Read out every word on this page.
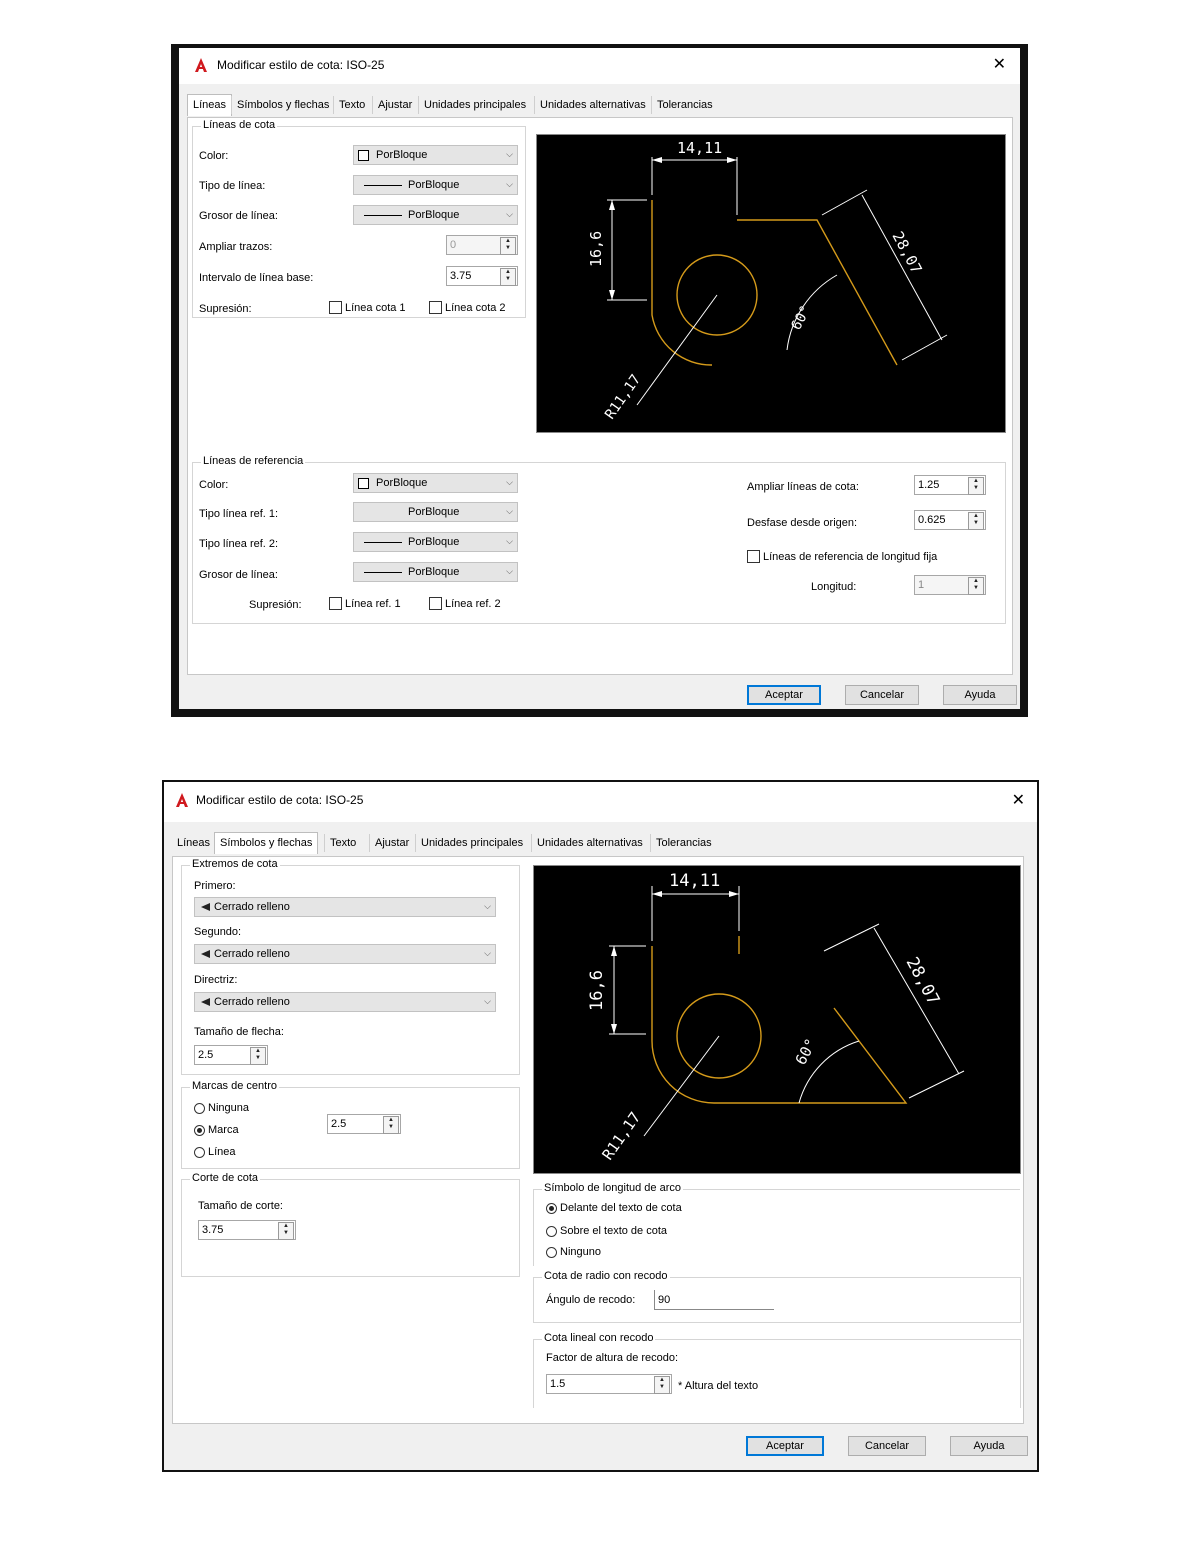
Modificar estilo de cota: ISO-25	✕
Líneas Símbolos y flechas Texto	Ajustar	Unidades principales	Unidades alternativas	Tolerancias
Líneas de cota
Color:	PorBloque	⌵
Tipo de línea:	PorBloque	⌵
Grosor de línea:	PorBloque	⌵
Ampliar trazos:	0	▲
▼
Intervalo de línea base:	3.75	▲
▼
Supresión:	Línea cota 1	Línea cota 2
14,11
16,6	28,07
60°
R11,17
Líneas de referencia
Color:	PorBloque	⌵
Tipo línea ref. 1:	PorBloque	⌵
Tipo línea ref. 2:	PorBloque	⌵
Grosor de línea:	PorBloque	⌵
Supresión:	Línea ref. 1	Línea ref. 2
Ampliar líneas de cota:	1.25	▲
▼
Desfase desde origen:	0.625	▲
▼
Líneas de referencia de longitud fija
Longitud:	1	▲
▼
Aceptar	Cancelar	Ayuda
Modificar estilo de cota: ISO-25	✕
Líneas Símbolos y flechas	Texto	Ajustar	Unidades principales	Unidades alternativas	Tolerancias
Extremos de cota
Primero:
Cerrado relleno	⌵
Segundo:
Cerrado relleno	⌵
Directriz:
Cerrado relleno	⌵
Tamaño de flecha:
2.5	▲
▼
Marcas de centro
Ninguna
Marca
Línea
2.5	▲
▼
Corte de cota
Tamaño de corte:
3.75	▲
▼
14,11
16,6	28,07
60°
R11,17
Símbolo de longitud de arco
Delante del texto de cota
Sobre el texto de cota
Ninguno
Cota de radio con recodo
Ángulo de recodo: 90
Cota lineal con recodo
Factor de altura de recodo:
1.5	▲
▼	* Altura del texto
Aceptar	Cancelar	Ayuda
